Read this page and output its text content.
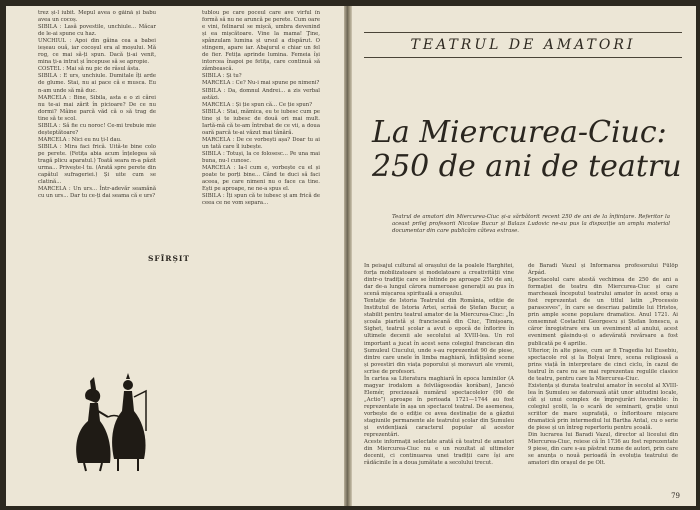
trez și-l iubit. Mepul avea o găină și babu avea un cocoș.

SIBILA : Lasă povestile, unchiule... Măcar de le-ai spune cu haz.

UNCHIUL : Apoi din găina cea a babei ieșeau ouă, iar cocoșul era al moșului. Mă rog, ce mai să-ți spun. Dacă ți-ai venit, mina ți-a intrat și începuse să se apropie.

COSTEL : Mai să nu pic de râsul ăsta.

SIBILA : E urs, unchiule. Dumitale îți arde de glume. Stai, nu ai pace că e musca. Eu n-am unde să mă duc.

MARCELA : Bine, Sibila, asta e o zi cărei nu te-ai mai zărit în picioare? De ce nu dormi? Mâine parcă văd că o să trag de tine să te scol.

SIBILA : Să fie cu noroc! Ce-mi trebuie mie deșteptătoare?

MARCELA : Nici eu nu ți-l dau.

SIBILA : Mira faci frică. Uită-te bine colo pe perete. (Fetița abia acum înțelegea să tragă plicu aparatul.) Toată seara m-a păzit urma... Privește-l tu. (Arată spre perete din capătul sufrageriei.) Și uite cum se clatină...

MARCELA : Un urs... Într-adevăr seamănă cu un urs... Dar tu ce-ți dai seama că e urs?

tublou pe care poceul care ave virful în formă să nu ne aruncă pe perete. Cum oare e vini, felinarul se mișcă, umbra devenind și ea mișcătoare. Vine la mama! Ţine, spânzulam lumina și ursul a dispărut. O stingem, apare iar. Abajurul e chiar un fel de fier. Fetița aprinde lumina. Femeia își intorcea înapoi pe fetița, care continuă să zâmbească.

SIBILA : Și tu?

MARCELA : Ce? Nu-i mai spune pe nimeni?

SIBILA : Da, domnul Andrei... a zis verbal astăzi.

MARCELA : Și ție spun că... Ce ție spun?

SIBILA : Stai, mămica, eu te iubesc cum pe tine și te iubesc de două ori mai mult. Iartă-mă că te-am întrebat de ce vii, a doua oară parcă te-ai văzut mai tânără.

MARCELA : De ce vorbești așa? Doar tu ai un tată care îl iubește.

SIBILA : Totuși, la ce folosesc... Pe una mai buna, nu-l cunosc.

MARCELA : Ia-l cum e, vorbește cu el și poate te porți bine... Când te duci să faci aceea, pe care nimeni nu o face ca tine. Ești pe aproape, ne ne-a spus el.

SIBILA : Îți spun că te iubesc și am frică de ceea ce ne vom separa...

SFÎRȘIT
TEATRUL DE AMATORI
La Miercurea-Ciuc:
250 de ani de teatru
Teatrul de amatori din Miercurea-Ciuc și-a sărbătorit recent 250 de ani de la înființare. Referitor la aceast prilej profesorii Nicolae Bucur și Balazs Ludovic ne-au pus la dispoziție un amplu material documentar din care publicăm câteva extrase.

În peisajul cultural al orașului de la poalele Harghitei, forța mobilizatoare și modelatoare a creativității vine dintr-o tradiție care se întinde pe aproape 250 de ani, dar de-a lungul cărora numeroase generații au pus în scenă mișcarea spirituală a orașului.

Tentație de Istoria Teatrului din România, ediție de Institutul de Istoria Artei, scrisă de Ștefan Bucur, a stabilit pentru teatrul amator de la Miercurea-Ciuc: „În școala piaristă și franciscană din Ciuc, Timișoara, Sighet, teatrul școlar a avut o epocă de înflorire în ultimele decenii ale secolului al XVIII-lea. Un rol important a jucat în acest sens colegiul franciscan din Șumuleul Ciucului, unde s-au reprezentat 90 de piese, dintre care unele în limba maghiară, înfățișând scene și povestiri din viața poporului și moravuri ale vremii, scrise de profesori.

În cartea sa Literatura maghiară în epoca luminilor (A magyar irodalom a felvilágosodás korában), Jancsó Elemér, precizează numărul spectacolelor (90 de „Actio”) aproape în perioada 1721—1744 au fost reprezentate în așa un spectacol teatral. De asemenea, vorbește de o ediție ce avea destinație de a găzdui stagiunile permanente ale teatrului școlar din Șumuleu și evidențiază caracterul popular al acestor reprezentări.

Aceste informații selectate arată că teatrul de amatori din Miercurea-Ciuc nu e un rezultat al ultimelor decenii, ci continuarea unei tradiții care își are rădăcinile în a doua jumătate a secolului trecut.

de Baradi Vazul și Informarea profesorului Fülöp Árpád.

Spectacolul care atestă vechimea de 250 de ani a formației de teatru din Miercurea-Ciuc și care marchează începutul teatrului amator în acest oraș a fost reprezentat de un titlul latin „Processio parasceves”, în care se descriau patimile lui Hristos, prin ample scene populare dramatice. Anul 1721. Ai consemnat Costachii Georgescu și Ștefan Ionescu, a căror înregistrare era un eveniment al anului, acest eveniment găsindu-și o adevărată revărsare a fost publicată pe 4 aprilie.

Ulterior, în alte piese, cum ar fi Tragedia lui Eusebiu, spectacole rol și la Bolyai Imre, scena religioasă a prins viață în interpretare de cinci ciclu, în cazul de teatrul în care nu se mai reprezentau regulile clasice de teatru, pentru care la Miercurea-Ciuc.

Existența și durata teatrului amator în secolul al XVIII-lea în Șumuleu se datorează atât unor atitudini locale, cât și unui complex de împrejurări favorabile: în colegiul școlii, la o scară de seminarii, grație unui scriitor de mare suprafață, o înfloritoare mișcare dramatică prin intermediul lui Bartha Antal, cu o serie de piese și un întreg repertoriu pentru școală.

Din lucrarea lui Baradi Vazul, director al liceului din Miercurea-Ciuc, reiese că în 1736 au fost reprezentate 9 piese, din care s-au păstrat nume de autori, prin care se anunța o nouă perioadă în evoluția teatrului de amatori din orașul de pe Olt.

79
